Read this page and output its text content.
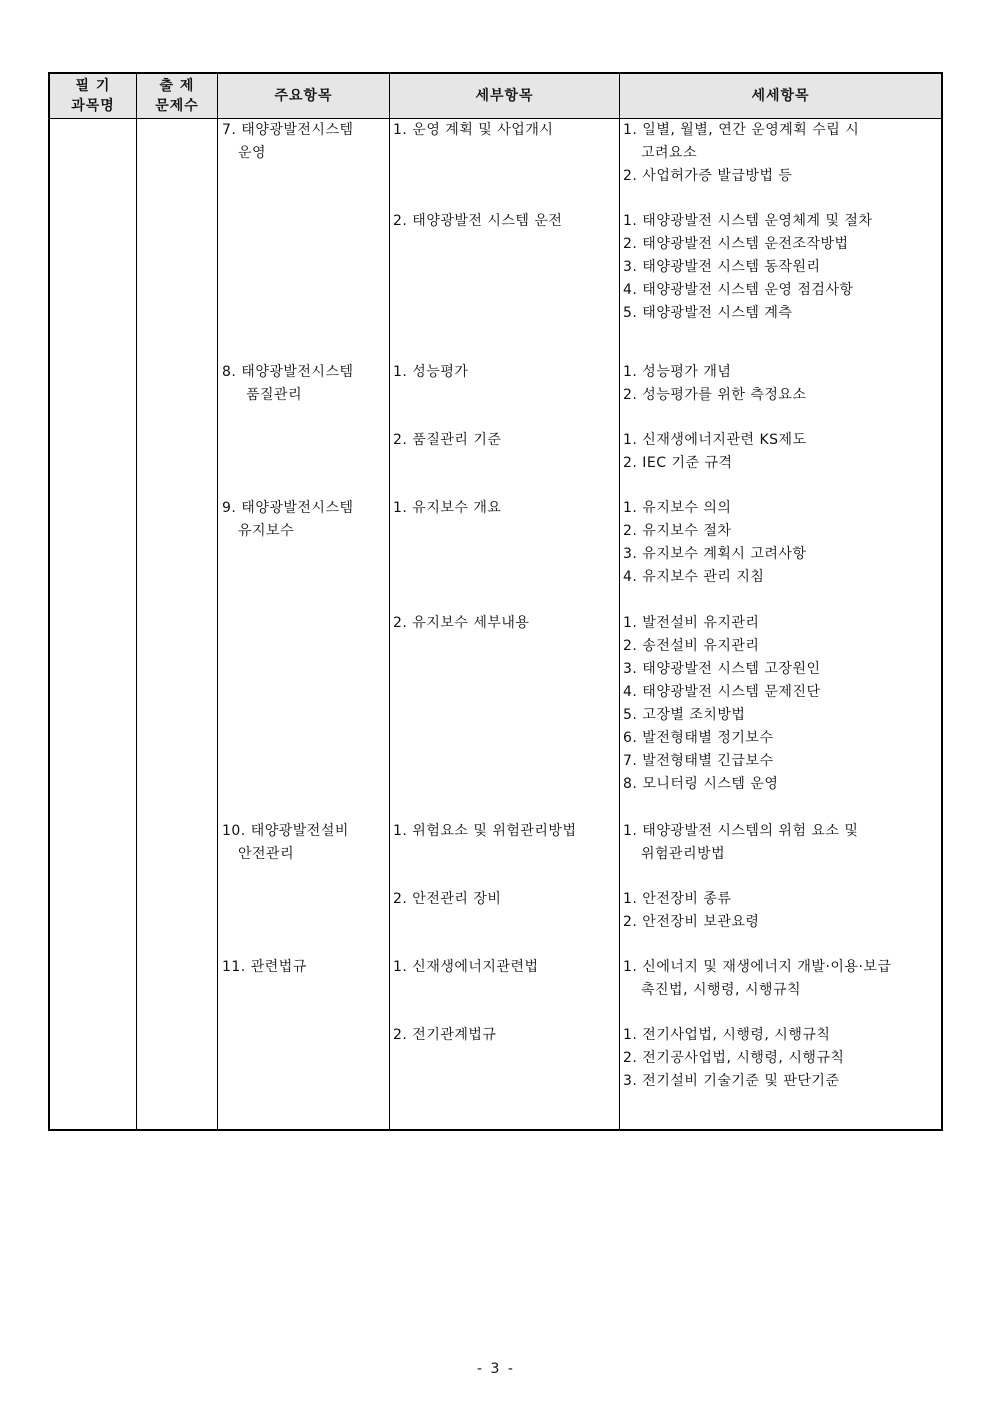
필 기
과목명
출 제
문제수
주요항목	세부항목	세세항목
7. 태양광발전시스템
운영
8. 태양광발전시스템
품질관리
9. 태양광발전시스템
유지보수
10. 태양광발전설비
안전관리
11. 관련법규
1. 운영 계획 및 사업개시
2. 태양광발전 시스템 운전
1. 성능평가
2. 품질관리 기준
1. 유지보수 개요
2. 유지보수 세부내용
1. 위험요소 및 위험관리방법
2. 안전관리 장비
1. 신재생에너지관련법
2. 전기관계법규
1. 일별, 월별, 연간 운영계획 수립 시
고려요소
2. 사업허가증 발급방법 등
1. 태양광발전 시스템 운영체계 및 절차
2. 태양광발전 시스템 운전조작방법
3. 태양광발전 시스템 동작원리
4. 태양광발전 시스템 운영 점검사항
5. 태양광발전 시스템 계측
1. 성능평가 개념
2. 성능평가를 위한 측정요소
1. 신재생에너지관련 KS제도
2. IEC 기준 규격
1. 유지보수 의의
2. 유지보수 절차
3. 유지보수 계획시 고려사항
4. 유지보수 관리 지침
1. 발전설비 유지관리
2. 송전설비 유지관리
3. 태양광발전 시스템 고장원인
4. 태양광발전 시스템 문제진단
5. 고장별 조치방법
6. 발전형태별 정기보수
7. 발전형태별 긴급보수
8. 모니터링 시스템 운영
1. 태양광발전 시스템의 위험 요소 및
위험관리방법
1. 안전장비 종류
2. 안전장비 보관요령
1. 신에너지 및 재생에너지 개발·이용·보급
촉진법, 시행령, 시행규칙
1. 전기사업법, 시행령, 시행규칙
2. 전기공사업법, 시행령, 시행규칙
3. 전기설비 기술기준 및 판단기준
- 3 -
